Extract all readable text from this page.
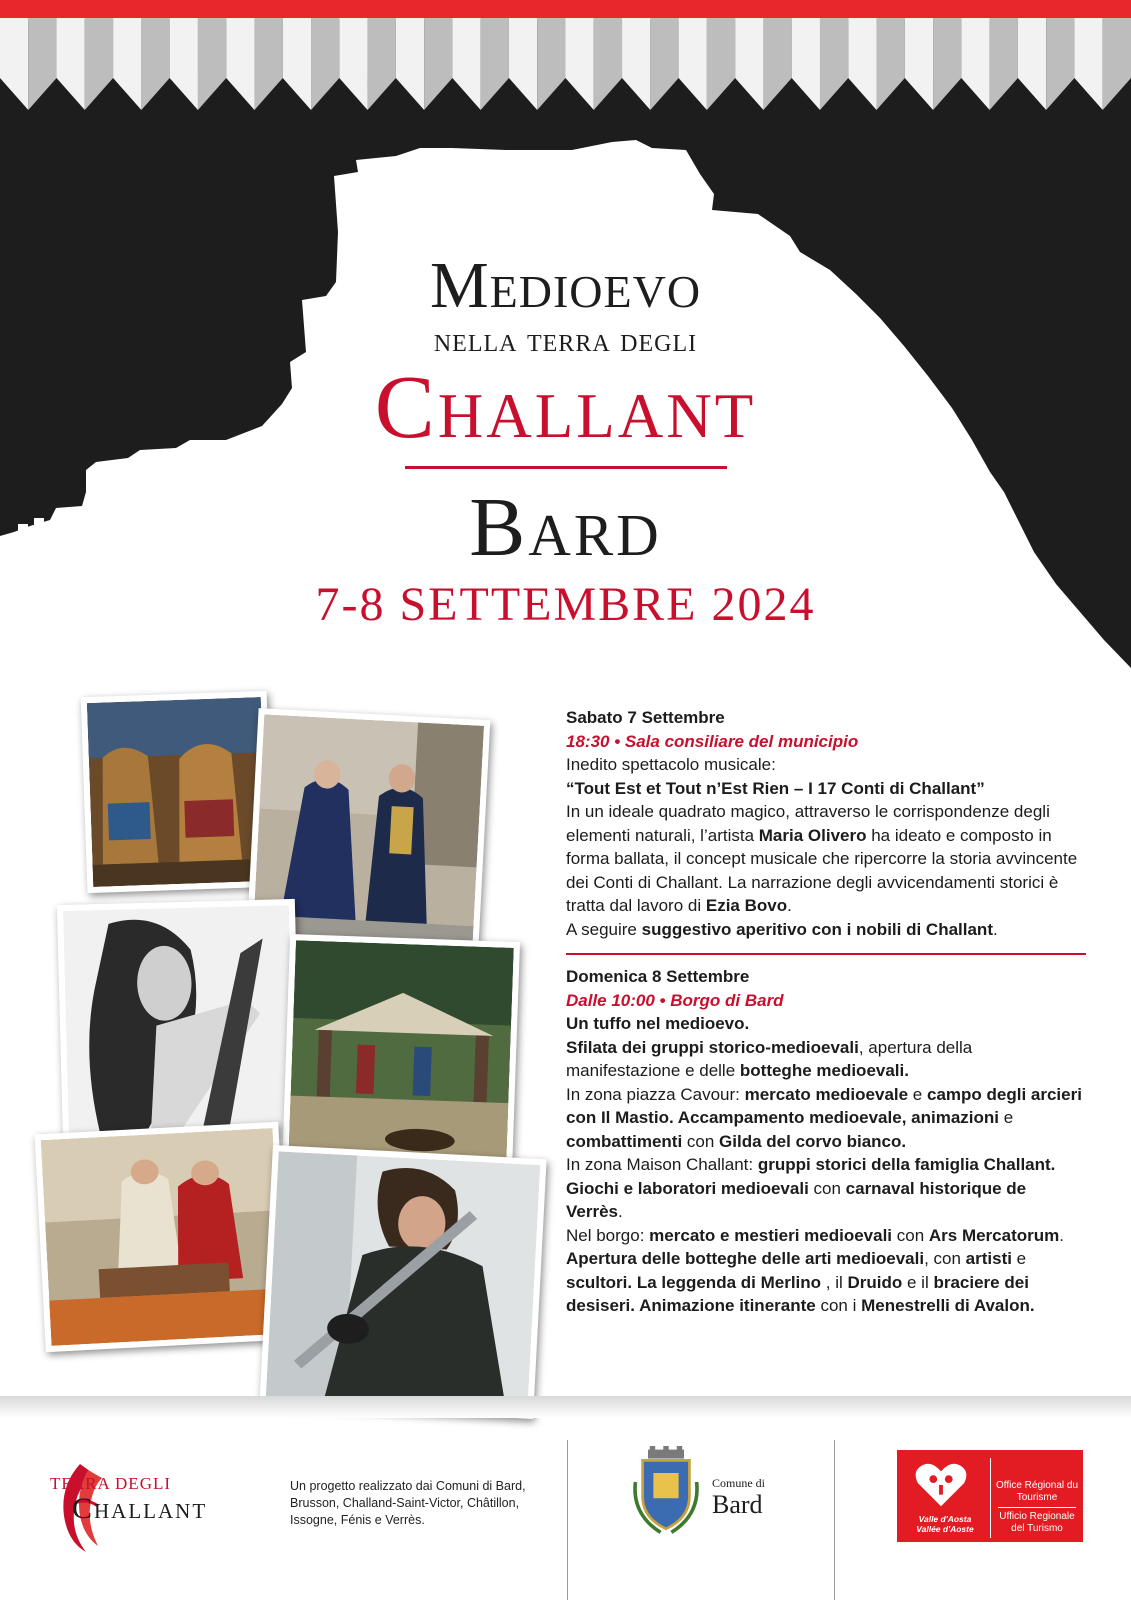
Medioevo
nella terra degli
Challant
Bard
7-8 SETTEMBRE 2024
Sabato 7 Settembre
18:30 • Sala consiliare del municipio
Inedito spettacolo musicale:
“Tout Est et Tout n’Est Rien – I 17 Conti di Challant”
In un ideale quadrato magico, attraverso le corrispondenze degli elementi naturali, l’artista Maria Olivero ha ideato e composto in forma ballata, il concept musicale che ripercorre la storia avvincente dei Conti di Challant. La narrazione degli avvicendamenti storici è tratta dal lavoro di Ezia Bovo.
A seguire suggestivo aperitivo con i nobili di Challant.
Domenica 8 Settembre
Dalle 10:00 • Borgo di Bard
Un tuffo nel medioevo.
Sfilata dei gruppi storico-medioevali, apertura della manifestazione e delle botteghe medioevali.
In zona piazza Cavour: mercato medioevale e campo degli arcieri con Il Mastio. Accampamento medioevale, animazioni e combattimenti con Gilda del corvo bianco.
In zona Maison Challant: gruppi storici della famiglia Challant. Giochi e laboratori medioevali con carnaval historique de Verrès.
Nel borgo: mercato e mestieri medioevali con Ars Mercatorum. Apertura delle botteghe delle arti medioevali, con artisti e scultori. La leggenda di Merlino , il Druido e il braciere dei desiseri. Animazione itinerante con i Menestrelli di Avalon.
TERRA DEGLI
Challant
Un progetto realizzato dai Comuni di Bard, Brusson, Challand-Saint-Victor, Châtillon, Issogne, Fénis e Verrès.
Comune di
Bard	Valle d'Aosta
Vallée d'Aoste
Office Régional du Tourisme
Ufficio Regionale del Turismo
